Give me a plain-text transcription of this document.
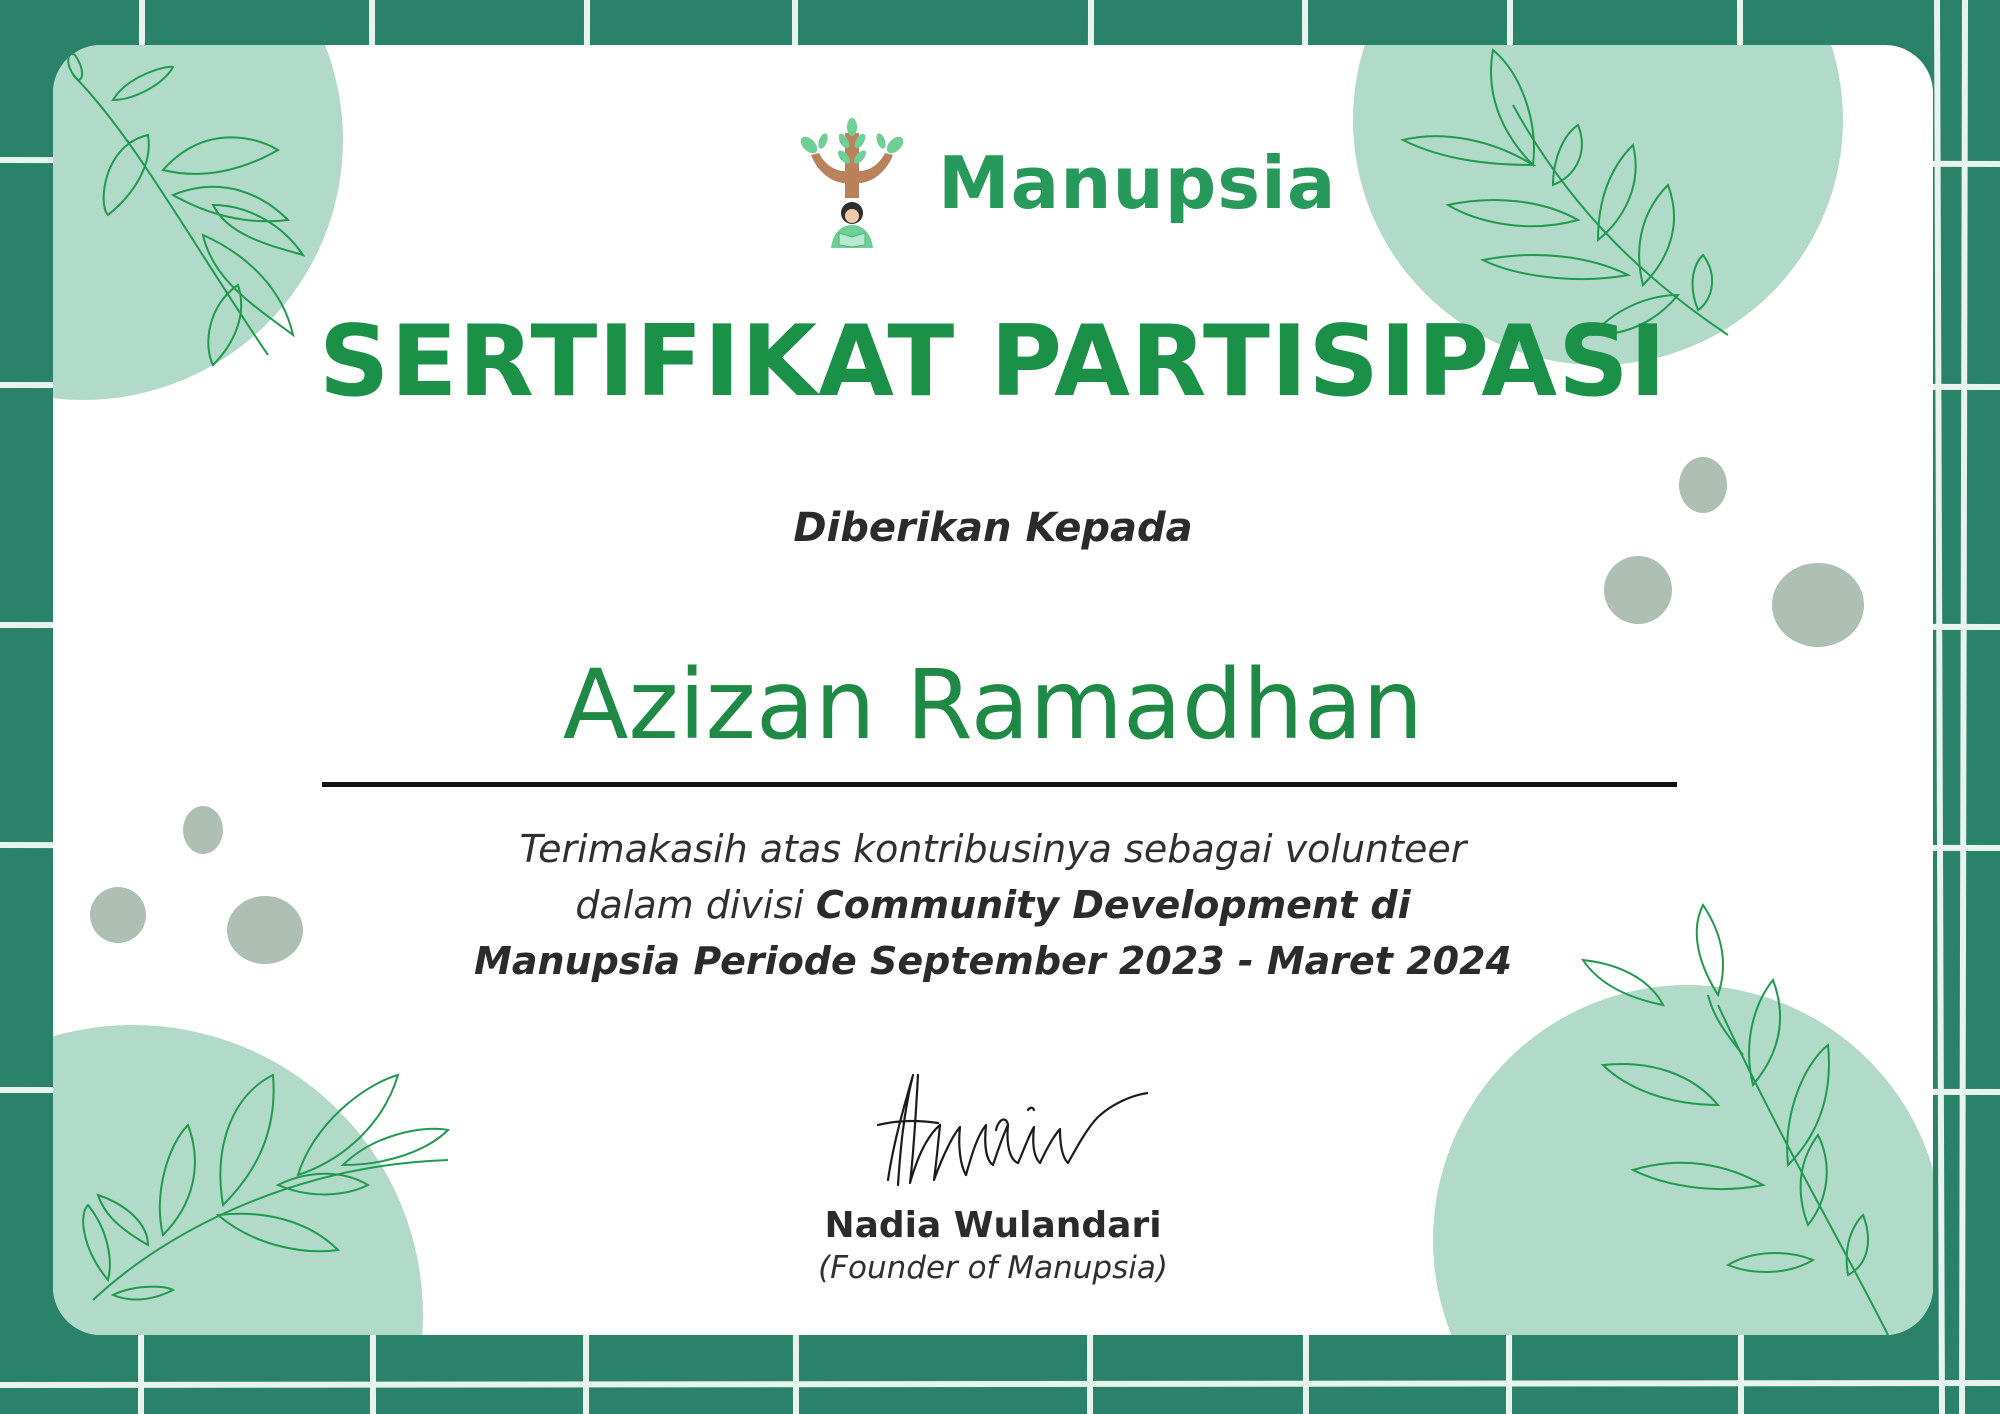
Manupsia
SERTIFIKAT PARTISIPASI
Diberikan Kepada
Azizan Ramadhan
Terimakasih atas kontribusinya sebagai volunteer
dalam divisi Community Development di
Manupsia Periode September 2023 - Maret 2024
Nadia Wulandari
(Founder of Manupsia)
